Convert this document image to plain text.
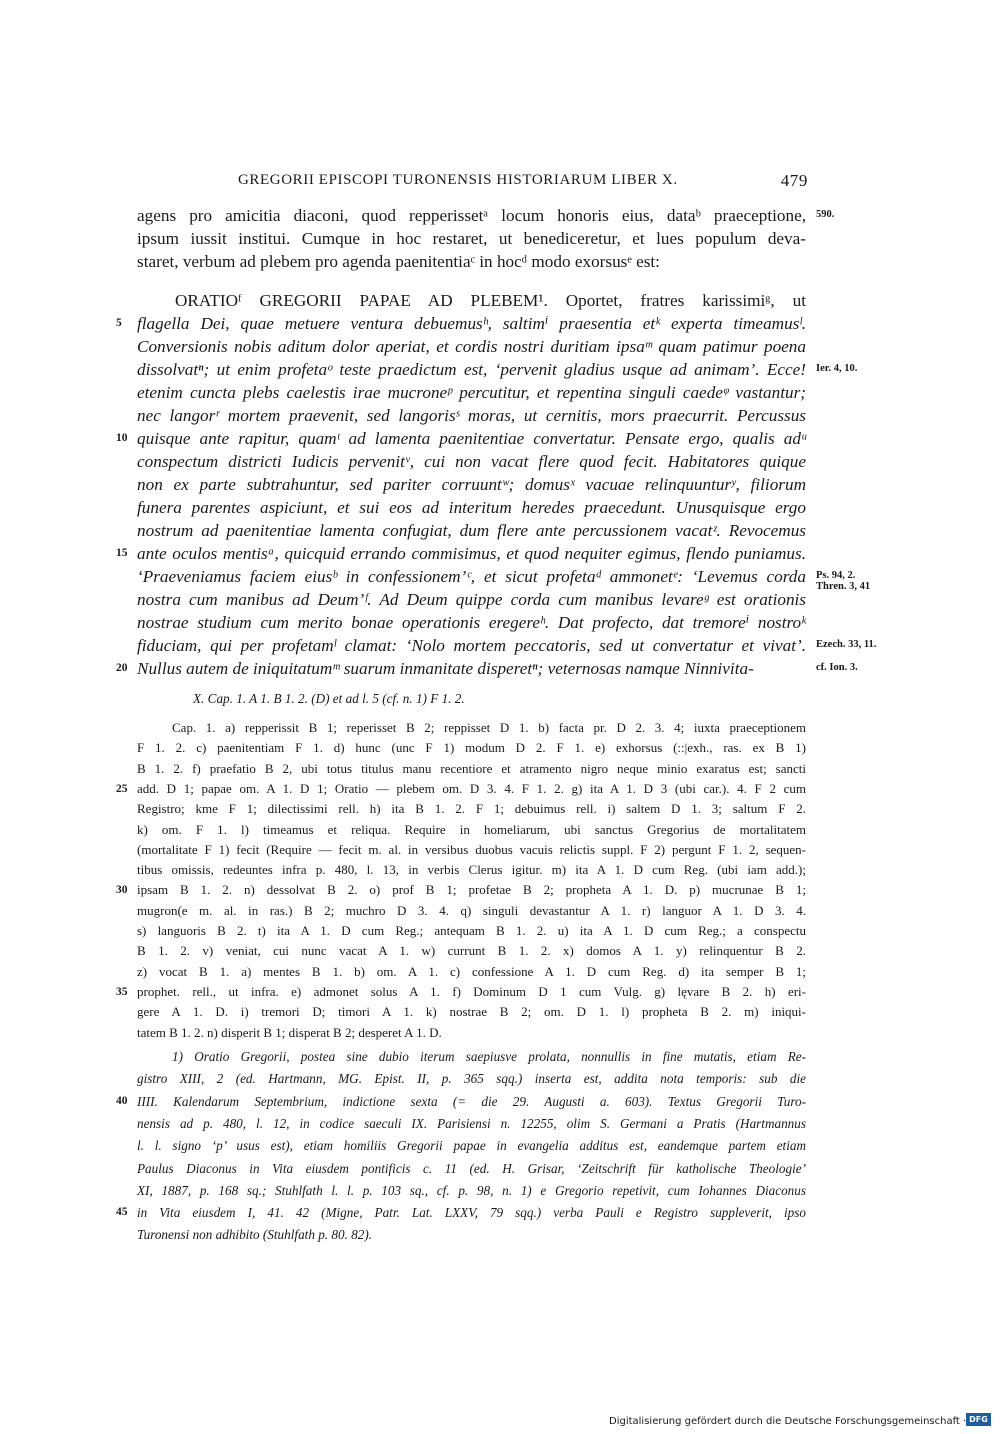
GREGORII EPISCOPI TURONENSIS HISTORIARUM LIBER X.	479
agens pro amicitia diaconi, quod repperissetᵃ locum honoris eius, dataᵇ praeceptione, 590.
ipsum iussit institui. Cumque in hoc restaret, ut benediceretur, et lues populum deva-
staret, verbum ad plebem pro agenda paenitentiaᶜ in hocᵈ modo exorsusᵉ est:
ORATIOᶠ GREGORII PAPAE AD PLEBEM¹. Oportet, fratres karissimiᵍ, ut
flagella Dei, quae metuere ventura debuemusʰ, saltimⁱ praesentia etᵏ experta timeamusˡ.
5
Conversionis nobis aditum dolor aperiat, et cordis nostri duritiam ipsaᵐ quam patimur poena
dissolvatⁿ; ut enim profetaᵒ teste praedictum est, ‘pervenit gladius usque ad animam’. Ecce! Ier. 4, 10.
etenim cuncta plebs caelestis irae mucroneᵖ percutitur, et repentina singuli caedeᵠ vastantur;
nec langorʳ mortem praevenit, sed langorisˢ moras, ut cernitis, mors praecurrit. Percussus
quisque ante rapitur, quamᵗ ad lamenta paenitentiae convertatur. Pensate ergo, qualis adᵘ
10
conspectum districti Iudicis pervenitᵛ, cui non vacat flere quod fecit. Habitatores quique
non ex parte subtrahuntur, sed pariter corruuntʷ; domusˣ vacuae relinquunturʸ, filiorum
funera parentes aspiciunt, et sui eos ad interitum heredes praecedunt. Unusquisque ergo
nostrum ad paenitentiae lamenta confugiat, dum flere ante percussionem vacatᶻ. Revocemus
ante oculos mentisᵃ, quicquid errando commisimus, et quod nequiter egimus, flendo puniamus.
15
‘Praeveniamus faciem eiusᵇ in confessionem’ᶜ, et sicut profetaᵈ ammonetᵉ: ‘Levemus corda Ps. 94, 2.
Thren. 3, 41
nostra cum manibus ad Deum’ᶠ. Ad Deum quippe corda cum manibus levareᵍ est orationis
nostrae studium cum merito bonae operationis eregereʰ. Dat profecto, dat tremoreⁱ nostroᵏ
fiduciam, qui per profetamˡ clamat: ‘Nolo mortem peccatoris, sed ut convertatur et vivat’. Ezech. 33, 11.
Nullus autem de iniquitatumᵐ suarum inmanitate disperetⁿ; veternosas namque Ninnivita-
20	cf. Ion. 3.
X. Cap. 1. A 1. B 1. 2. (D) et ad l. 5 (cf. n. 1) F 1. 2.
Cap. 1. a) repperissit B 1; reperisset B 2; reppisset D 1. b) facta pr. D 2. 3. 4; iuxta praeceptionem
F 1. 2. c) paenitentiam F 1. d) hunc (unc F 1) modum D 2. F 1. e) exhorsus (::|exh., ras. ex B 1)
B 1. 2. f) praefatio B 2, ubi totus titulus manu recentiore et atramento nigro neque minio exaratus est; sancti
add. D 1; papae om. A 1. D 1; Oratio — plebem om. D 3. 4. F 1. 2. g) ita A 1. D 3 (ubi car.). 4. F 2 cum
25
Registro; kme F 1; dilectissimi rell. h) ita B 1. 2. F 1; debuimus rell. i) saltem D 1. 3; saltum F 2.
k) om. F 1. l) timeamus et reliqua. Require in homeliarum, ubi sanctus Gregorius de mortalitatem
(mortalitate F 1) fecit (Require — fecit m. al. in versibus duobus vacuis relictis suppl. F 2) pergunt F 1. 2, sequen-
tibus omissis, redeuntes infra p. 480, l. 13, in verbis Clerus igitur. m) ita A 1. D cum Reg. (ubi iam add.);
ipsam B 1. 2. n) dessolvat B 2. o) prof B 1; profetae B 2; propheta A 1. D. p) mucrunae B 1;
30
mugron(e m. al. in ras.) B 2; muchro D 3. 4. q) singuli devastantur A 1. r) languor A 1. D 3. 4.
s) languoris B 2. t) ita A 1. D cum Reg.; antequam B 1. 2. u) ita A 1. D cum Reg.; a conspectu
B 1. 2. v) veniat, cui nunc vacat A 1. w) currunt B 1. 2. x) domos A 1. y) relinquentur B 2.
z) vocat B 1. a) mentes B 1. b) om. A 1. c) confessione A 1. D cum Reg. d) ita semper B 1;
prophet. rell., ut infra. e) admonet solus A 1. f) Dominum D 1 cum Vulg. g) lęvare B 2. h) eri-
35
gere A 1. D. i) tremori D; timori A 1. k) nostrae B 2; om. D 1. l) propheta B 2. m) iniqui-
tatem B 1. 2. n) disperit B 1; disperat B 2; desperet A 1. D.
1) Oratio Gregorii, postea sine dubio iterum saepiusve prolata, nonnullis in fine mutatis, etiam Re-
gistro XIII, 2 (ed. Hartmann, MG. Epist. II, p. 365 sqq.) inserta est, addita nota temporis: sub die
IIII. Kalendarum Septembrium, indictione sexta (= die 29. Augusti a. 603). Textus Gregorii Turo-
40
nensis ad p. 480, l. 12, in codice saeculi IX. Parisiensi n. 12255, olim S. Germani a Pratis (Hartmannus
l. l. signo ‘p’ usus est), etiam homiliis Gregorii papae in evangelia additus est, eandemque partem etiam
Paulus Diaconus in Vita eiusdem pontificis c. 11 (ed. H. Grisar, ‘Zeitschrift für katholische Theologie’
XI, 1887, p. 168 sq.; Stuhlfath l. l. p. 103 sq., cf. p. 98, n. 1) e Gregorio repetivit, cum Iohannes Diaconus
in Vita eiusdem I, 41. 42 (Migne, Patr. Lat. LXXV, 79 sqq.) verba Pauli e Registro suppleverit, ipso
45
Turonensi non adhibito (Stuhlfath p. 80. 82).
Digitalisierung gefördert durch die Deutsche Forschungsgemeinschaft · DFG
